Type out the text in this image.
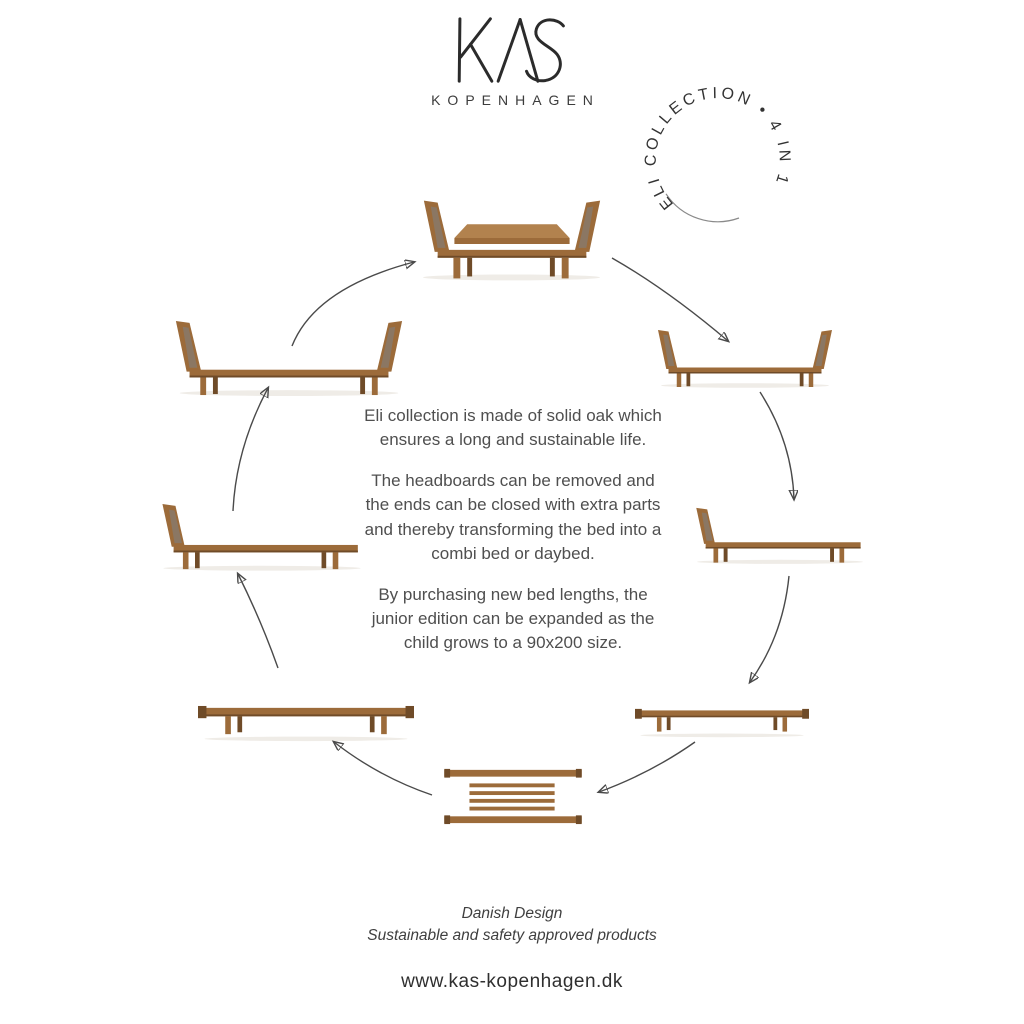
KOPENHAGEN
ELI COLLECTION • 4 IN 1

Eli collection is made of solid oak which ensures a long and sustainable life.

The headboards can be removed and the ends can be closed with extra parts and thereby transforming the bed into a combi bed or daybed.

By purchasing new bed lengths, the junior edition can be expanded as the child grows to a 90x200 size.

Danish Design
Sustainable and safety approved products
www.kas-kopenhagen.dk
